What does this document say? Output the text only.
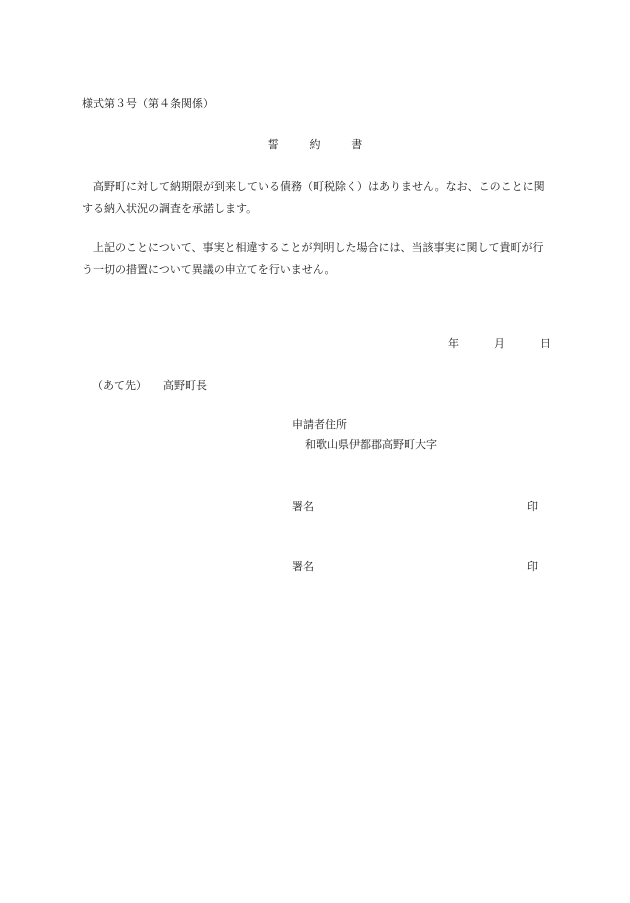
様式第３号（第４条関係）
誓　約　書
高野町に対して納期限が到来している債務（町税除く）はありません。なお、このことに関する納入状況の調査を承諾します。
上記のことについて、事実と相違することが判明した場合には、当該事実に関して貴町が行う一切の措置について異議の申立てを行いません。
年	月	日
（あて先） 高野町長
申請者住所
和歌山県伊都郡高野町大字
署名	印
署名	印
